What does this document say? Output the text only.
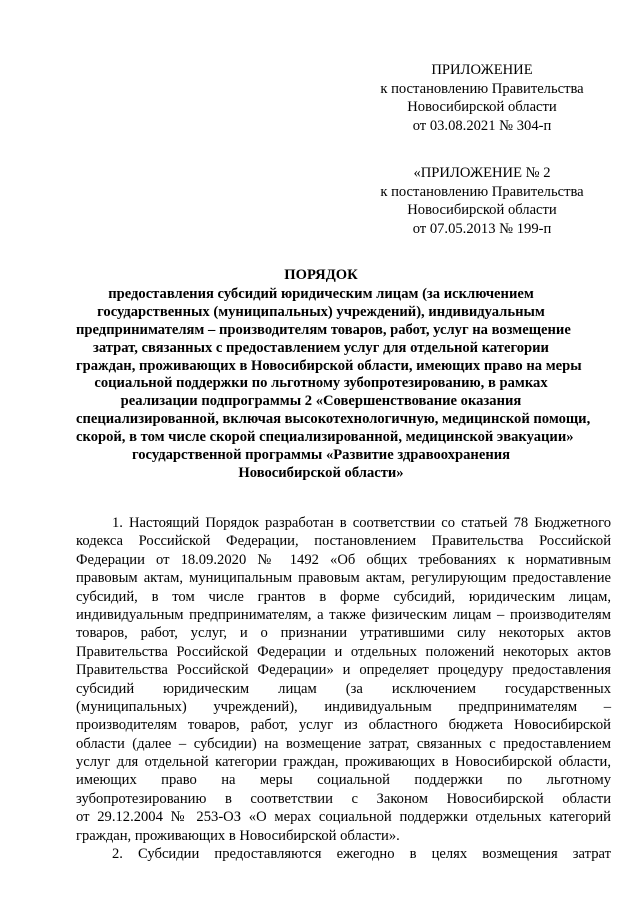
ПРИЛОЖЕНИЕ
к постановлению Правительства
Новосибирской области
от 03.08.2021 № 304-п
«ПРИЛОЖЕНИЕ № 2
к постановлению Правительства
Новосибирской области
от 07.05.2013 № 199-п
ПОРЯДОК
предоставления субсидий юридическим лицам (за исключением
государственных (муниципальных) учреждений), индивидуальным
предпринимателям – производителям товаров, работ, услуг на возмещение
затрат, связанных с предоставлением услуг для отдельной категории
граждан, проживающих в Новосибирской области, имеющих право на меры
социальной поддержки по льготному зубопротезированию, в рамках
реализации подпрограммы 2 «Совершенствование оказания
специализированной, включая высокотехнологичную, медицинской помощи,
скорой, в том числе скорой специализированной, медицинской эвакуации»
государственной программы «Развитие здравоохранения
Новосибирской области»
1. Настоящий Порядок разработан в соответствии со статьей 78 Бюджетного
кодекса Российской Федерации, постановлением Правительства Российской
Федерации от 18.09.2020 № 1492 «Об общих требованиях к нормативным
правовым актам, муниципальным правовым актам, регулирующим предоставление
субсидий, в том числе грантов в форме субсидий, юридическим лицам,
индивидуальным предпринимателям, а также физическим лицам – производителям
товаров, работ, услуг, и о признании утратившими силу некоторых актов
Правительства Российской Федерации и отдельных положений некоторых актов
Правительства Российской Федерации» и определяет процедуру предоставления
субсидий юридическим лицам (за исключением государственных
(муниципальных) учреждений), индивидуальным предпринимателям –
производителям товаров, работ, услуг из областного бюджета Новосибирской
области (далее – субсидии) на возмещение затрат, связанных с предоставлением
услуг для отдельной категории граждан, проживающих в Новосибирской области,
имеющих право на меры социальной поддержки по льготному
зубопротезированию в соответствии с Законом Новосибирской области
от 29.12.2004 № 253-ОЗ «О мерах социальной поддержки отдельных категорий
граждан, проживающих в Новосибирской области».
2. Субсидии предоставляются ежегодно в целях возмещения затрат
